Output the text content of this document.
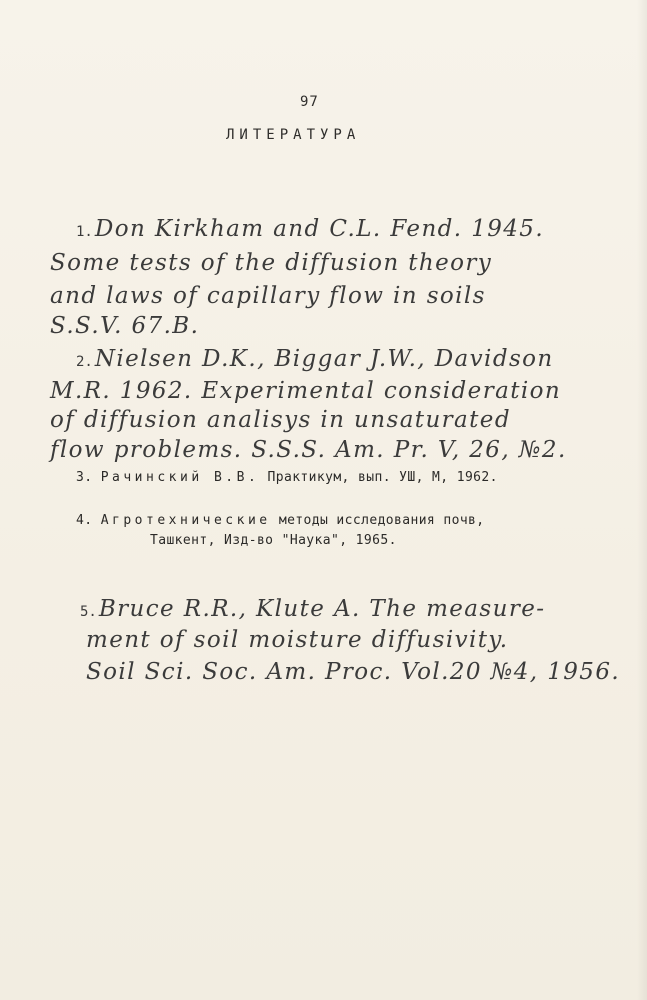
97
ЛИТЕРАТУРА
1.Don Kirkham and C.L. Fend. 1945.
Some tests of the diffusion theory
and laws of capillary flow in soils
S.S.V. 67.B.
2.Nielsen D.K., Biggar J.W., Davidson
M.R. 1962. Experimental consideration
of diffusion analisys in unsaturated
flow problems. S.S.S. Am. Pr. V, 26, №2.
3. Рачинский В.В. Практикум, вып. УШ, М, 1962.
4. Агротехнические методы исследования почв,
Ташкент, Изд-во "Наука", 1965.
5.Bruce R.R., Klute A. The measure-
ment of soil moisture diffusivity.
Soil Sci. Soc. Am. Proc. Vol.20 №4, 1956.
